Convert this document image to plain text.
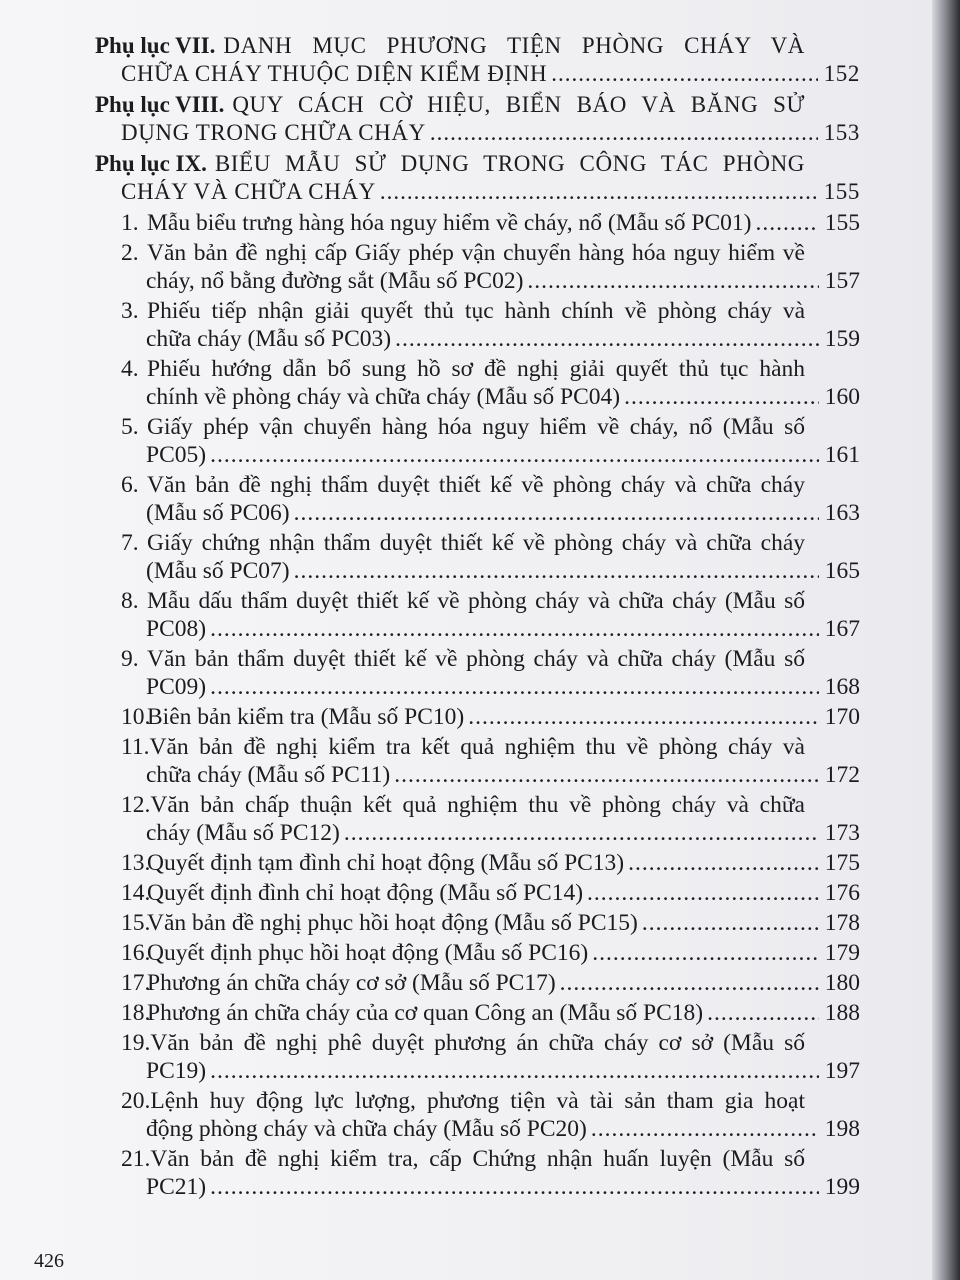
Phụ lục VII. DANH MỤC PHƯƠNG TIỆN PHÒNG CHÁY VÀ
CHỮA CHÁY THUỘC DIỆN KIỂM ĐỊNH .....	152
Phụ lục VIII. QUY CÁCH CỜ HIỆU, BIỂN BÁO VÀ BĂNG SỬ
DỤNG TRONG CHỮA CHÁY .....	153
Phụ lục IX. BIỂU MẪU SỬ DỤNG TRONG CÔNG TÁC PHÒNG
CHÁY VÀ CHỮA CHÁY .....	155
1. Mẫu biểu trưng hàng hóa nguy hiểm về cháy, nổ (Mẫu số PC01) .....	155
2. Văn bản đề nghị cấp Giấy phép vận chuyển hàng hóa nguy hiểm về
cháy, nổ bằng đường sắt (Mẫu số PC02) .....	157
3. Phiếu tiếp nhận giải quyết thủ tục hành chính về phòng cháy và
chữa cháy (Mẫu số PC03) .....	159
4. Phiếu hướng dẫn bổ sung hồ sơ đề nghị giải quyết thủ tục hành
chính về phòng cháy và chữa cháy (Mẫu số PC04) .....	160
5. Giấy phép vận chuyển hàng hóa nguy hiểm về cháy, nổ (Mẫu số
PC05) .....	161
6. Văn bản đề nghị thẩm duyệt thiết kế về phòng cháy và chữa cháy
(Mẫu số PC06) .....	163
7. Giấy chứng nhận thẩm duyệt thiết kế về phòng cháy và chữa cháy
(Mẫu số PC07) .....	165
8. Mẫu dấu thẩm duyệt thiết kế về phòng cháy và chữa cháy (Mẫu số
PC08) .....	167
9. Văn bản thẩm duyệt thiết kế về phòng cháy và chữa cháy (Mẫu số
PC09) .....	168
10.
Biên bản kiểm tra (Mẫu số PC10) .....	170
11. Văn bản đề nghị kiểm tra kết quả nghiệm thu về phòng cháy và
chữa cháy (Mẫu số PC11) .....	172
12. Văn bản chấp thuận kết quả nghiệm thu về phòng cháy và chữa
cháy (Mẫu số PC12) .....	173
13.
Quyết định tạm đình chỉ hoạt động (Mẫu số PC13) .....	175
14.
Quyết định đình chỉ hoạt động (Mẫu số PC14) .....	176
15.
Văn bản đề nghị phục hồi hoạt động (Mẫu số PC15) .....	178
16.
Quyết định phục hồi hoạt động (Mẫu số PC16) .....	179
17.
Phương án chữa cháy cơ sở (Mẫu số PC17) .....	180
18.
Phương án chữa cháy của cơ quan Công an (Mẫu số PC18) .....	188
19. Văn bản đề nghị phê duyệt phương án chữa cháy cơ sở (Mẫu số
PC19) .....	197
20. Lệnh huy động lực lượng, phương tiện và tài sản tham gia hoạt
động phòng cháy và chữa cháy (Mẫu số PC20) .....	198
21. Văn bản đề nghị kiểm tra, cấp Chứng nhận huấn luyện (Mẫu số
PC21) .....	199
426
